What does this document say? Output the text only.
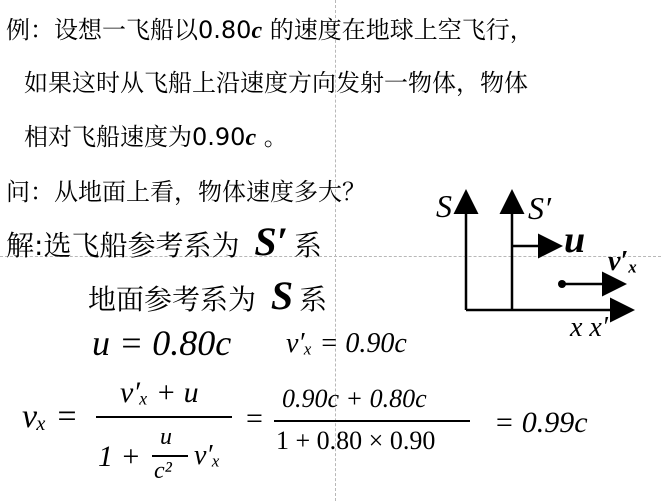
例：设想一飞船以0.80c 的速度在地球上空飞行，
如果这时从飞船上沿速度方向发射一物体，物体
相对飞船速度为0.90c 。
问：从地面上看，物体速度多大？
解:选飞船参考系为 S′ 系
地面参考系为 S 系
u = 0.80c v′ₓ = 0.90c
vₓ =
v′ₓ + u
1 +
u
c² v′ₓ
=
0.90c + 0.80c
1 + 0.80 × 0.90
= 0.99c
S S′
u
v′ₓ
x x′
